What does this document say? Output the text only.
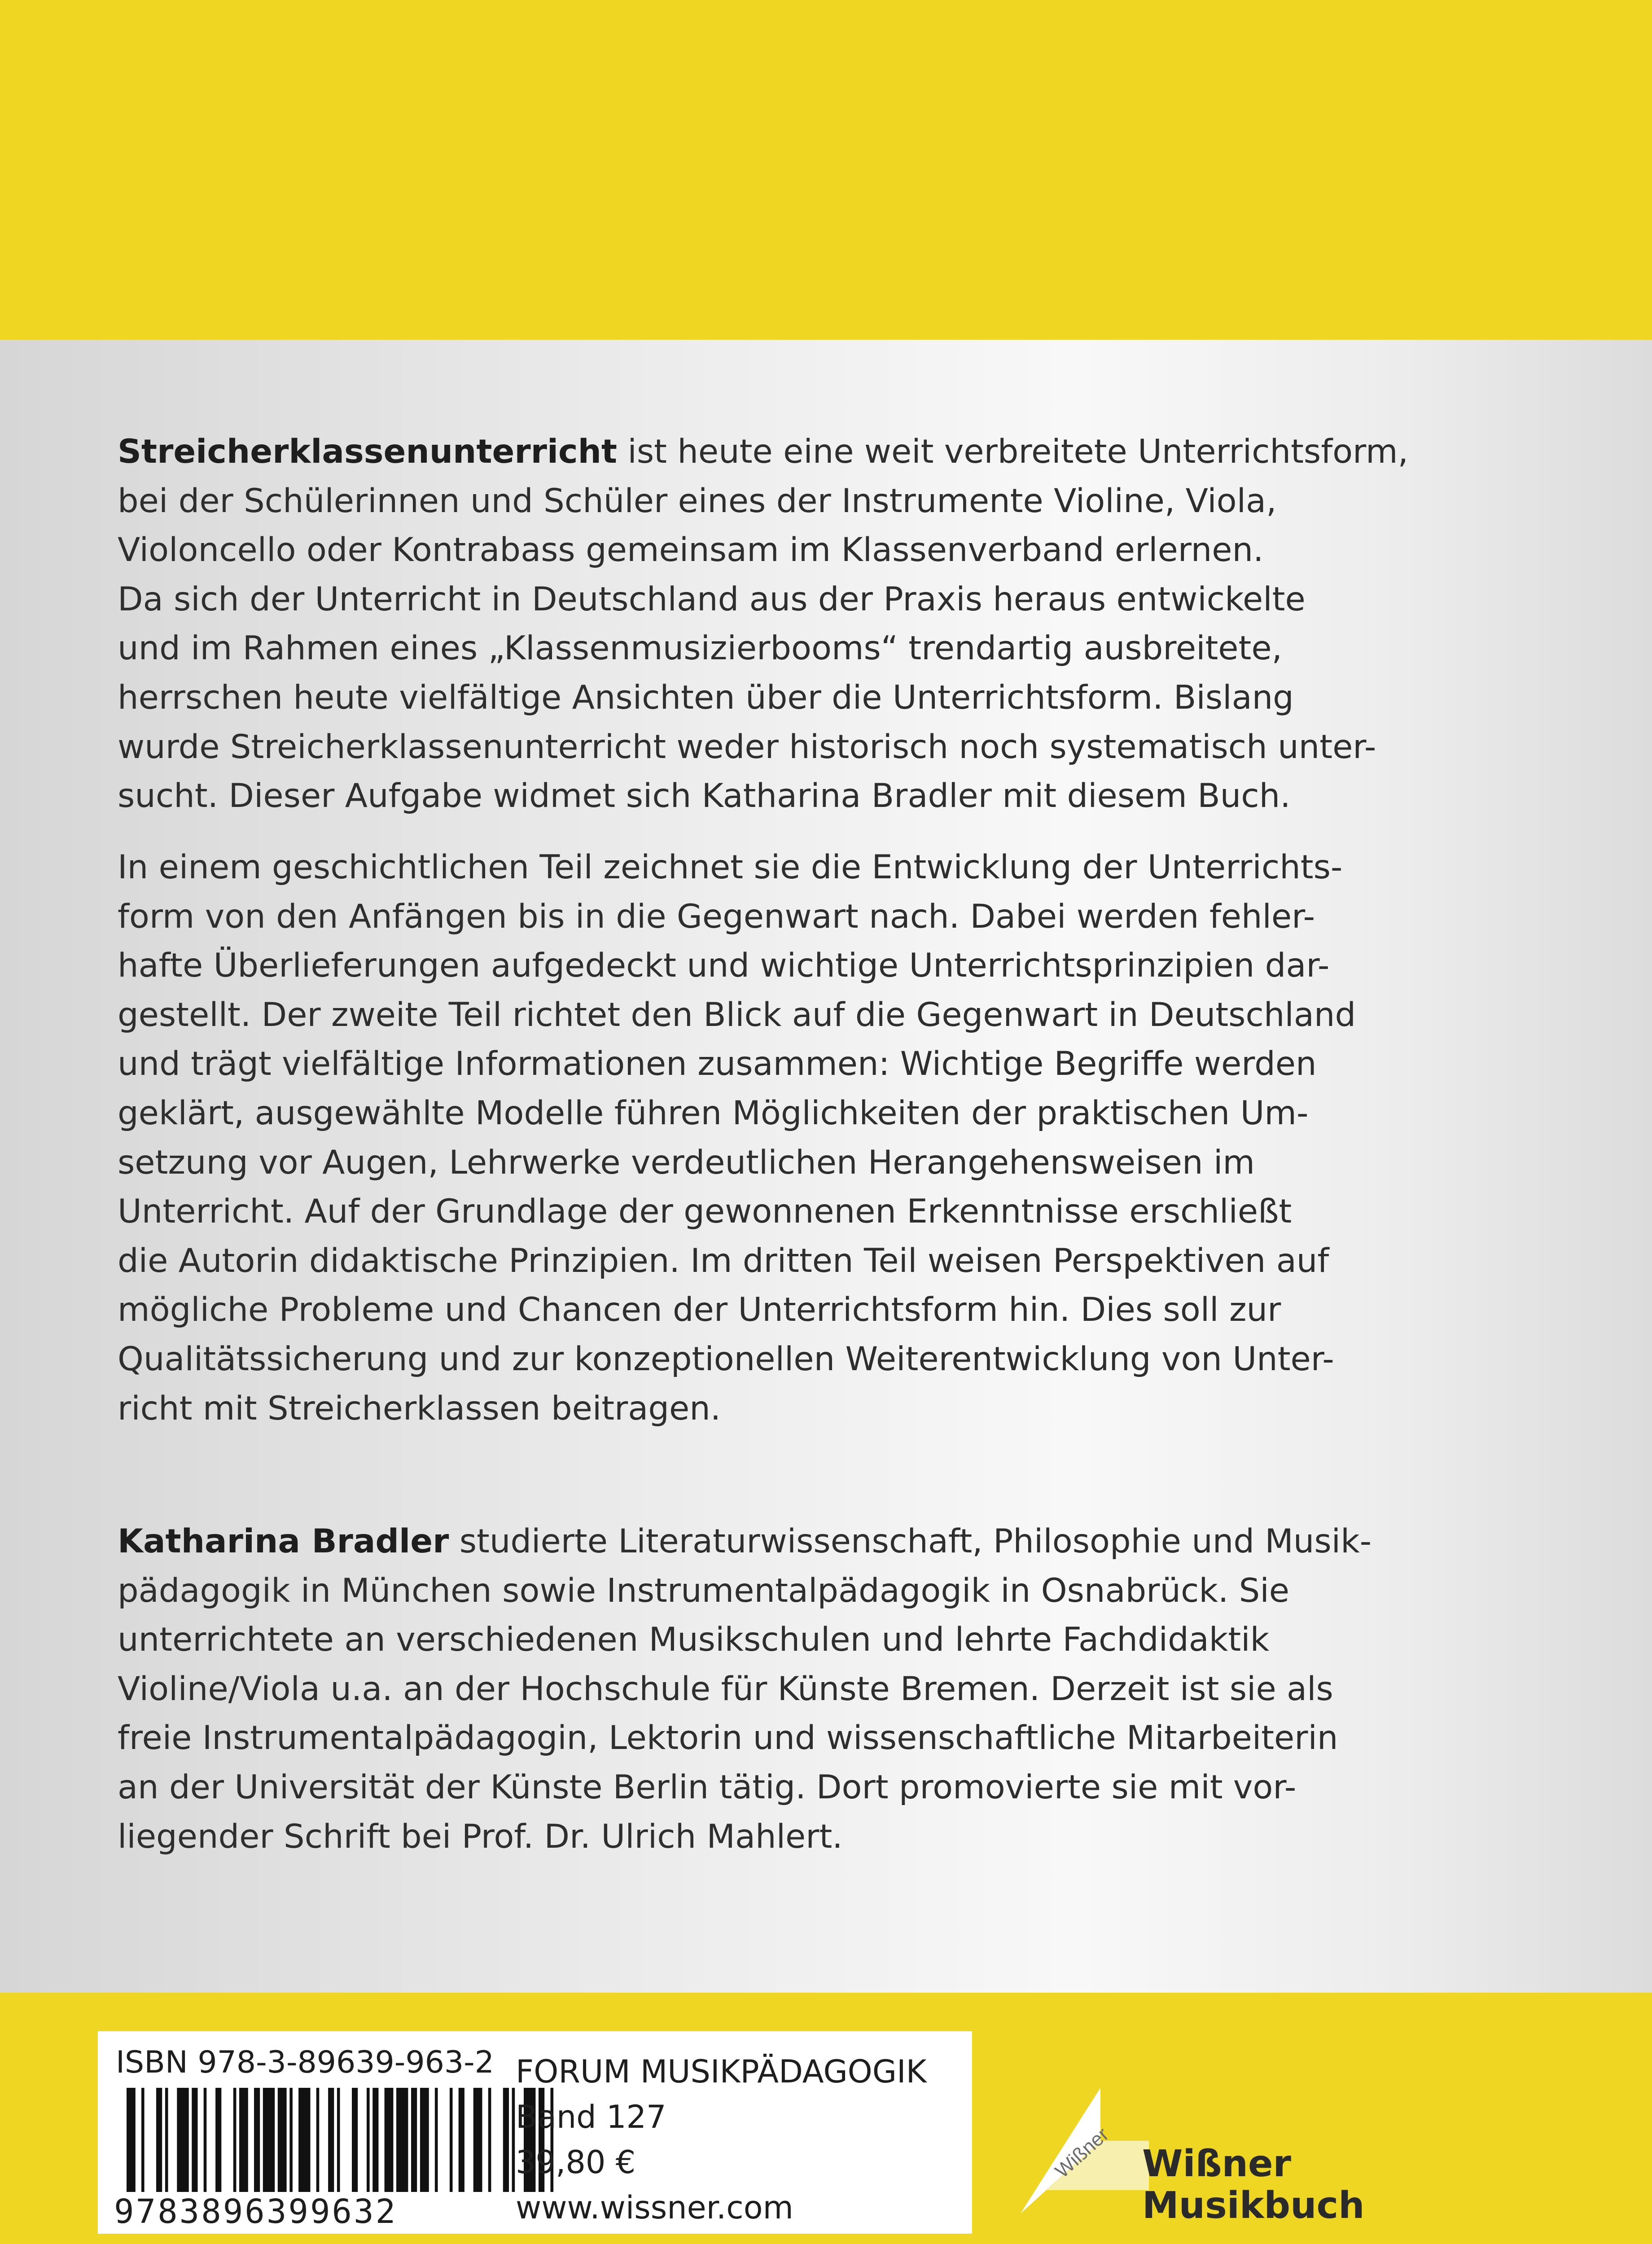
Streicherklassenunterricht ist heute eine weit verbreitete Unterrichtsform,
bei der Schülerinnen und Schüler eines der Instrumente Violine, Viola,
Violoncello oder Kontrabass gemeinsam im Klassenverband erlernen.
Da sich der Unterricht in Deutschland aus der Praxis heraus entwickelte
und im Rahmen eines „Klassenmusizierbooms“ trendartig ausbreitete,
herrschen heute vielfältige Ansichten über die Unterrichtsform. Bislang
wurde Streicherklassenunterricht weder historisch noch systematisch unter-
sucht. Dieser Aufgabe widmet sich Katharina Bradler mit diesem Buch.
In einem geschichtlichen Teil zeichnet sie die Entwicklung der Unterrichts-
form von den Anfängen bis in die Gegenwart nach. Dabei werden fehler-
hafte Überlieferungen aufgedeckt und wichtige Unterrichtsprinzipien dar-
gestellt. Der zweite Teil richtet den Blick auf die Gegenwart in Deutschland
und trägt vielfältige Informationen zusammen: Wichtige Begriffe werden
geklärt, ausgewählte Modelle führen Möglichkeiten der praktischen Um-
setzung vor Augen, Lehrwerke verdeutlichen Herangehensweisen im
Unterricht. Auf der Grundlage der gewonnenen Erkenntnisse erschließt
die Autorin didaktische Prinzipien. Im dritten Teil weisen Perspektiven auf
mögliche Probleme und Chancen der Unterrichtsform hin. Dies soll zur
Qualitätssicherung und zur konzeptionellen Weiterentwicklung von Unter-
richt mit Streicherklassen beitragen.
Katharina Bradler studierte Literaturwissenschaft, Philosophie und Musik-
pädagogik in München sowie Instrumentalpädagogik in Osnabrück. Sie
unterrichtete an verschiedenen Musikschulen und lehrte Fachdidaktik
Violine/Viola u.a. an der Hochschule für Künste Bremen. Derzeit ist sie als
freie Instrumentalpädagogin, Lektorin und wissenschaftliche Mitarbeiterin
an der Universität der Künste Berlin tätig. Dort promovierte sie mit vor-
liegender Schrift bei Prof. Dr. Ulrich Mahlert.
ISBN 978-3-89639-963-2
9783896399632
FORUM MUSIKPÄDAGOGIK
Band 127
39,80 €
www.wissner.com
Wißner Wißner
Musikbuch
